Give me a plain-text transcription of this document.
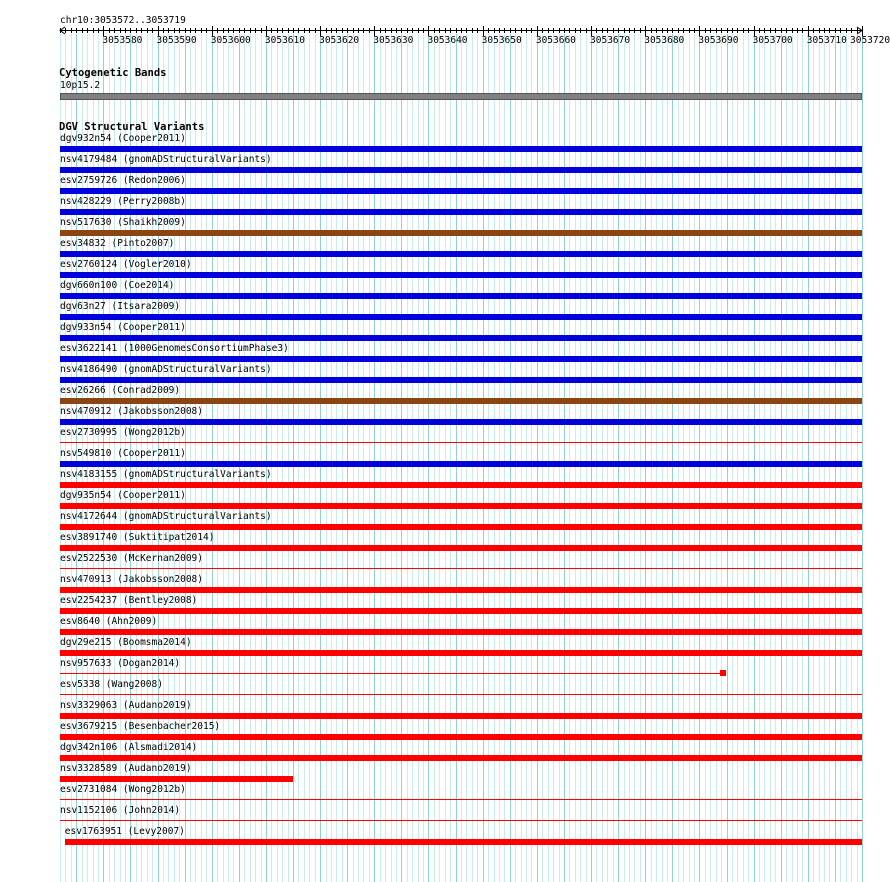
chr10:3053572..3053719
3053580 3053590 3053600 3053610 3053620 3053630 3053640 3053650 3053660 3053670 3053680 3053690 3053700 3053710 3053720
Cytogenetic Bands
10p15.2
DGV Structural Variants
dgv932n54 (Cooper2011)
nsv4179484 (gnomADStructuralVariants)
esv2759726 (Redon2006)
nsv428229 (Perry2008b)
nsv517630 (Shaikh2009)
esv34832 (Pinto2007)
esv2760124 (Vogler2010)
dgv660n100 (Coe2014)
dgv63n27 (Itsara2009)
dgv933n54 (Cooper2011)
esv3622141 (1000GenomesConsortiumPhase3)
nsv4186490 (gnomADStructuralVariants)
esv26266 (Conrad2009)
nsv470912 (Jakobsson2008)
esv2730995 (Wong2012b)
nsv549810 (Cooper2011)
nsv4183155 (gnomADStructuralVariants)
dgv935n54 (Cooper2011)
nsv4172644 (gnomADStructuralVariants)
esv3891740 (Suktitipat2014)
esv2522530 (McKernan2009)
nsv470913 (Jakobsson2008)
esv2254237 (Bentley2008)
esv8640 (Ahn2009)
dgv29e215 (Boomsma2014)
nsv957633 (Dogan2014)
esv5338 (Wang2008)
nsv3329063 (Audano2019)
esv3679215 (Besenbacher2015)
dgv342n106 (Alsmadi2014)
nsv3328589 (Audano2019)
esv2731084 (Wong2012b)
nsv1152106 (John2014)
esv1763951 (Levy2007)
